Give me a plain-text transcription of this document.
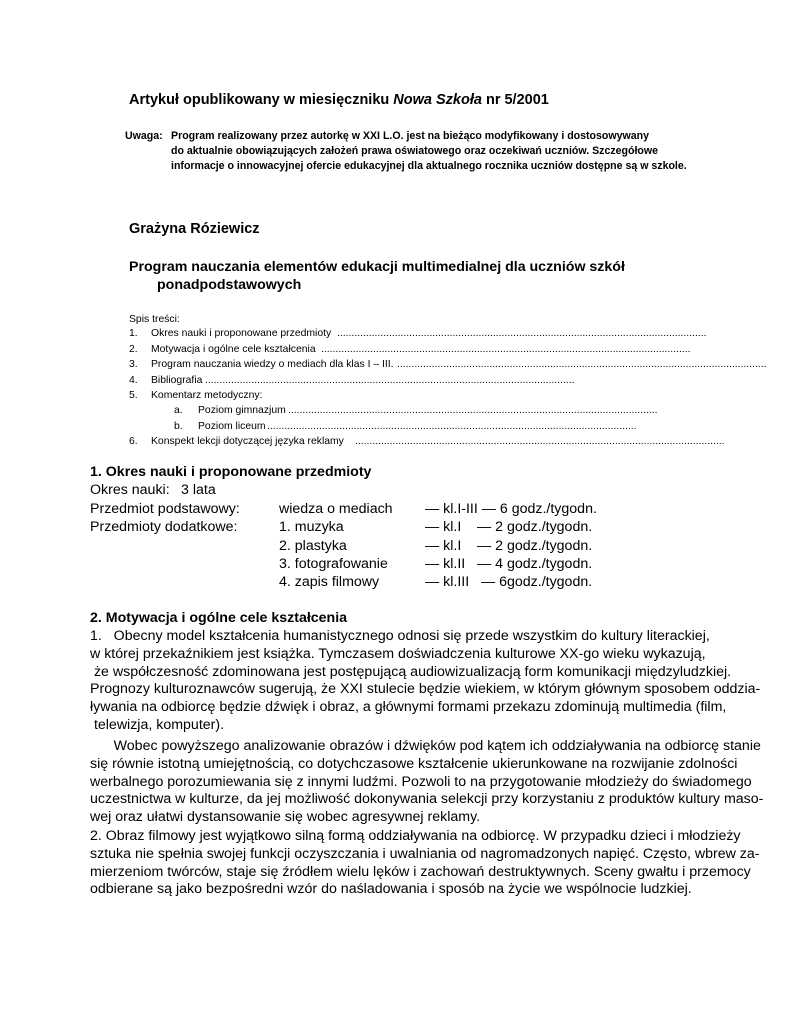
Artykuł opublikowany w miesięczniku Nowa Szkoła nr 5/2001
Uwaga: Program realizowany przez autorkę w XXI L.O. jest na bieżąco modyfikowany i dostosowywany
do aktualnie obowiązujących założeń prawa oświatowego oraz oczekiwań uczniów. Szczegółowe
informacje o innowacyjnej ofercie edukacyjnej dla aktualnego rocznika uczniów dostępne są w szkole.
Grażyna Róziewicz
Program nauczania elementów edukacji multimedialnej dla uczniów szkół
ponadpodstawowych
Spis treści:
1. Okres nauki i proponowane przedmioty ................................................................................................................................
2. Motywacja i ogólne cele kształcenia ................................................................................................................................
3. Program nauczania wiedzy o mediach dla klas I – III. ................................................................................................................................
4. Bibliografia ................................................................................................................................
5. Komentarz metodyczny:
a. Poziom gimnazjum ................................................................................................................................
b. Poziom liceum ................................................................................................................................
6. Konspekt lekcji dotyczącej języka reklamy ................................................................................................................................
1. Okres nauki i proponowane przedmioty
Okres nauki: 3 lata
Przedmiot podstawowy:	wiedza o mediach — kl.I-III — 6 godz./tygodn.
Przedmioty dodatkowe:	1. muzyka	— kl.I    — 2 godz./tygodn.
2. plastyka	— kl.I    — 2 godz./tygodn.
3. fotografowanie	— kl.II   — 4 godz./tygodn.
4. zapis filmowy	— kl.III   — 6godz./tygodn.
2. Motywacja i ogólne cele kształcenia
1.   Obecny model kształcenia humanistycznego odnosi się przede wszystkim do kultury literackiej,
w której przekaźnikiem jest książka. Tymczasem doświadczenia kulturowe XX-go wieku wykazują,
że współczesność zdominowana jest postępującą audiowizualizacją form komunikacji międzyludzkiej.
Prognozy kulturoznawców sugerują, że XXI stulecie będzie wiekiem, w którym głównym sposobem oddzia-
ływania na odbiorcę będzie dźwięk i obraz, a głównymi formami przekazu zdominują multimedia (film,
telewizja, komputer).
Wobec powyższego analizowanie obrazów i dźwięków pod kątem ich oddziaływania na odbiorcę stanie
się równie istotną umiejętnością, co dotychczasowe kształcenie ukierunkowane na rozwijanie zdolności
werbalnego porozumiewania się z innymi ludźmi. Pozwoli to na przygotowanie młodzieży do świadomego
uczestnictwa w kulturze, da jej możliwość dokonywania selekcji przy korzystaniu z produktów kultury maso-
wej oraz ułatwi dystansowanie się wobec agresywnej reklamy.
2. Obraz filmowy jest wyjątkowo silną formą oddziaływania na odbiorcę. W przypadku dzieci i młodzieży
sztuka nie spełnia swojej funkcji oczyszczania i uwalniania od nagromadzonych napięć. Często, wbrew za-
mierzeniom twórców, staje się źródłem wielu lęków i zachowań destruktywnych. Sceny gwałtu i przemocy
odbierane są jako bezpośredni wzór do naśladowania i sposób na życie we wspólnocie ludzkiej.
